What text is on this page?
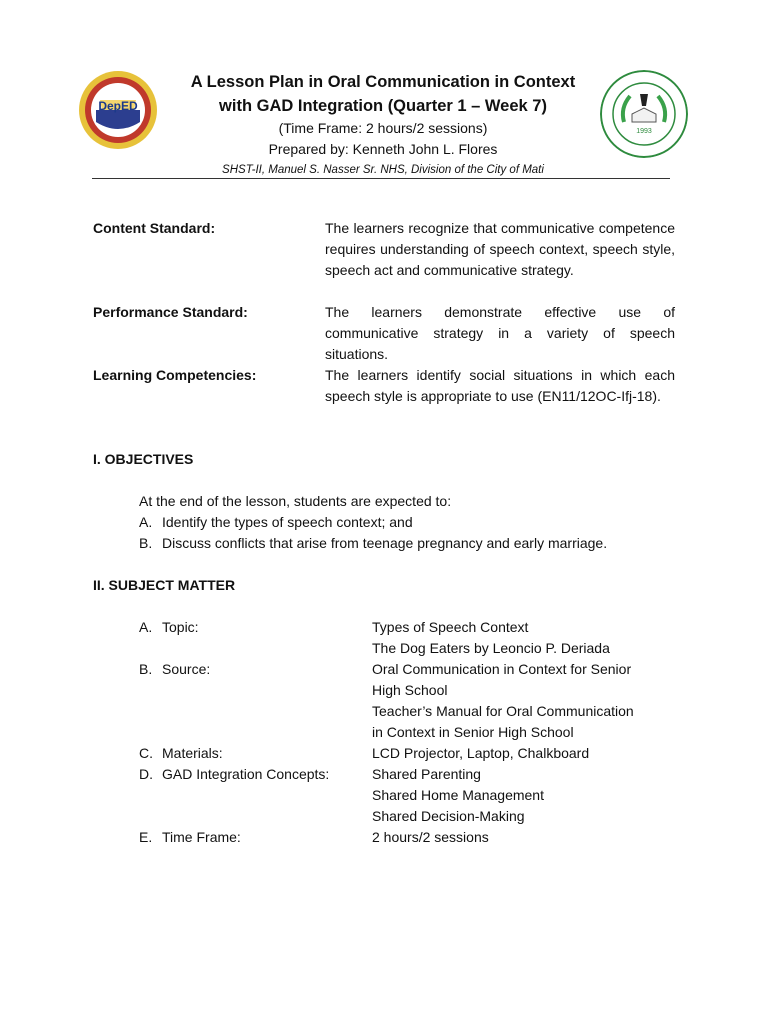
DepED
1993
A Lesson Plan in Oral Communication in Context
with GAD Integration (Quarter 1 – Week 7)
(Time Frame: 2 hours/2 sessions)
Prepared by: Kenneth John L. Flores
SHST-II, Manuel S. Nasser Sr. NHS, Division of the City of Mati
Content Standard:	The learners recognize that communicative competence requires understanding of speech context, speech style, speech act and communicative strategy.
Performance Standard:	The learners demonstrate effective use of communicative strategy in a variety of speech situations.
Learning Competencies:	The learners identify social situations in which each speech style is appropriate to use (EN11/12OC-Ifj-18).
I. OBJECTIVES
At the end of the lesson, students are expected to:
A. Identify the types of speech context; and
B. Discuss conflicts that arise from teenage pregnancy and early marriage.
II. SUBJECT MATTER
A. Topic:	Types of Speech Context
The Dog Eaters by Leoncio P. Deriada
B. Source:	Oral Communication in Context for Senior
High School
Teacher’s Manual for Oral Communication
in Context in Senior High School
C. Materials:	LCD Projector, Laptop, Chalkboard
D. GAD Integration Concepts:	Shared Parenting
Shared Home Management
Shared Decision-Making
E. Time Frame:	2 hours/2 sessions
